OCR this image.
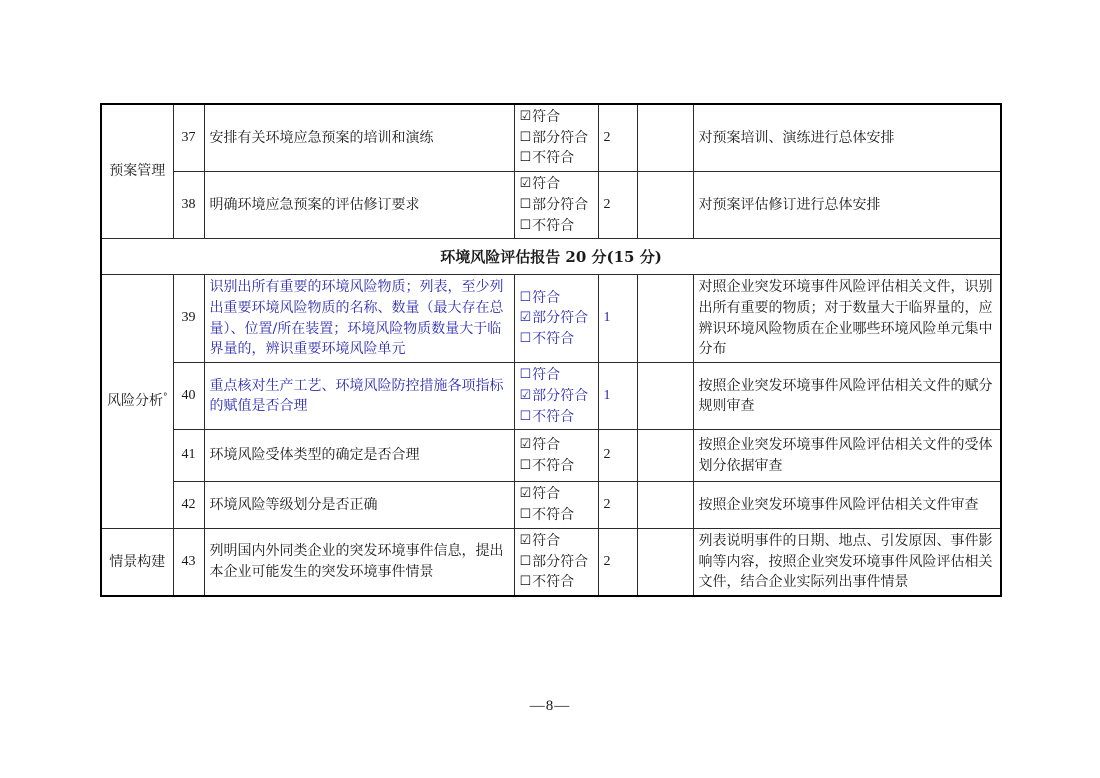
预案管理	37	安排有关环境应急预案的培训和演练	☑符合
☐部分符合
☐不符合	2		对预案培训、演练进行总体安排
	38	明确环境应急预案的评估修订要求	☑符合
☐部分符合
☐不符合	2		对预案评估修订进行总体安排
环境风险评估报告 20 分(15 分)						
风险分析°	39	识别出所有重要的环境风险物质；列表，至少列出重要环境风险物质的名称、数量（最大存在总量）、位置/所在装置；环境风险物质数量大于临界量的，辨识重要环境风险单元	☐符合
☑部分符合
☐不符合	1		对照企业突发环境事件风险评估相关文件，识别出所有重要的物质；对于数量大于临界量的，应辨识环境风险物质在企业哪些环境风险单元集中分布
	40	重点核对生产工艺、环境风险防控措施各项指标的赋值是否合理	☐符合
☑部分符合
☐不符合	1		按照企业突发环境事件风险评估相关文件的赋分规则审查
	41	环境风险受体类型的确定是否合理	☑符合
☐不符合	2		按照企业突发环境事件风险评估相关文件的受体划分依据审查
	42	环境风险等级划分是否正确	☑符合
☐不符合	2		按照企业突发环境事件风险评估相关文件审查
情景构建	43	列明国内外同类企业的突发环境事件信息，提出本企业可能发生的突发环境事件情景	☑符合
☐部分符合
☐不符合	2		列表说明事件的日期、地点、引发原因、事件影响等内容，按照企业突发环境事件风险评估相关文件，结合企业实际列出事件情景
—8—
